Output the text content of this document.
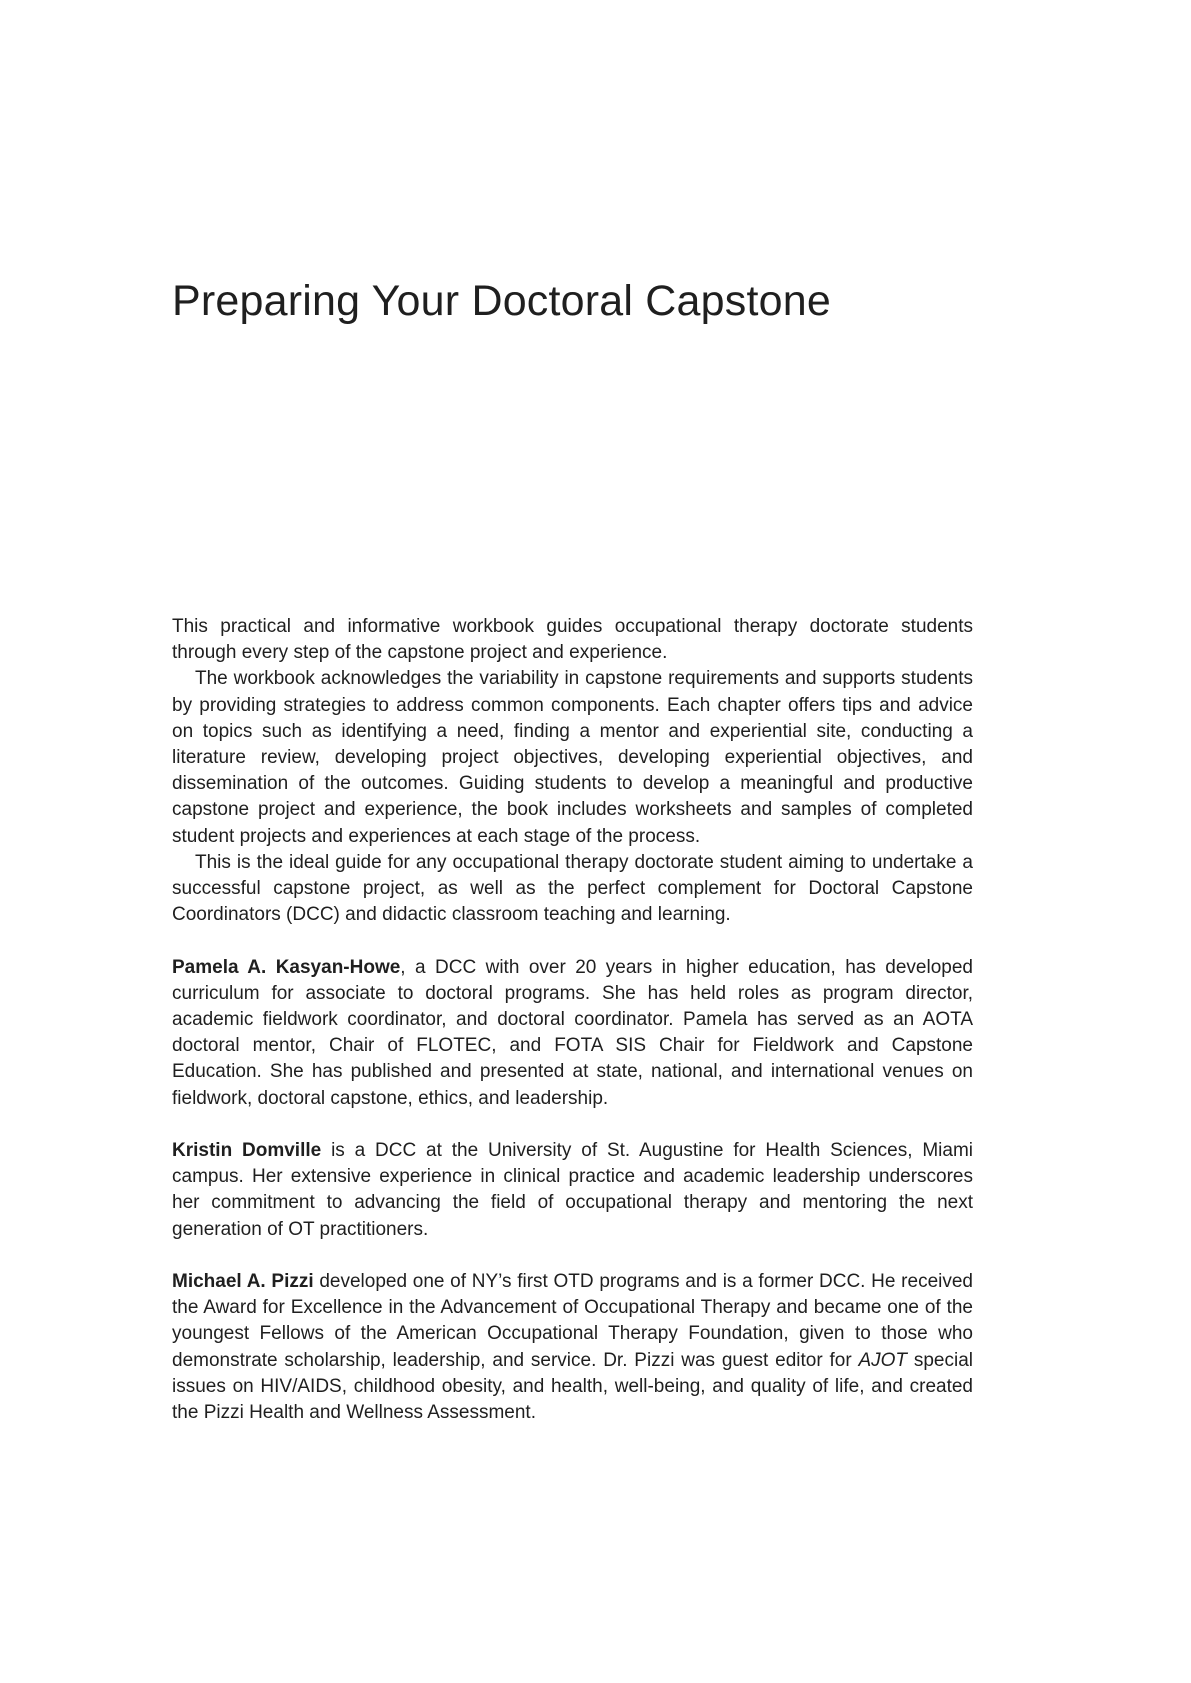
Preparing Your Doctoral Capstone

This practical and informative workbook guides occupational therapy doctorate students through every step of the capstone project and experience.

The workbook acknowledges the variability in capstone requirements and supports students by providing strategies to address common components. Each chapter offers tips and advice on topics such as identifying a need, finding a mentor and experiential site, conducting a literature review, developing project objectives, developing experiential objectives, and dissemination of the outcomes. Guiding students to develop a meaningful and productive capstone project and experience, the book includes worksheets and samples of completed student projects and experiences at each stage of the process.

This is the ideal guide for any occupational therapy doctorate student aiming to undertake a successful capstone project, as well as the perfect complement for Doctoral Capstone Coordinators (DCC) and didactic classroom teaching and learning.

Pamela A. Kasyan-Howe, a DCC with over 20 years in higher education, has developed curriculum for associate to doctoral programs. She has held roles as program director, academic fieldwork coordinator, and doctoral coordinator. Pamela has served as an AOTA doctoral mentor, Chair of FLOTEC, and FOTA SIS Chair for Fieldwork and Capstone Education. She has published and presented at state, national, and international venues on fieldwork, doctoral capstone, ethics, and leadership.

Kristin Domville is a DCC at the University of St. Augustine for Health Sciences, Miami campus. Her extensive experience in clinical practice and academic leadership underscores her commitment to advancing the field of occupational therapy and mentoring the next generation of OT practitioners.

Michael A. Pizzi developed one of NY’s first OTD programs and is a former DCC. He received the Award for Excellence in the Advancement of Occupational Therapy and became one of the youngest Fellows of the American Occupational Therapy Foundation, given to those who demonstrate scholarship, leadership, and service. Dr. Pizzi was guest editor for AJOT special issues on HIV/AIDS, childhood obesity, and health, well-being, and quality of life, and created the Pizzi Health and Wellness Assessment.
